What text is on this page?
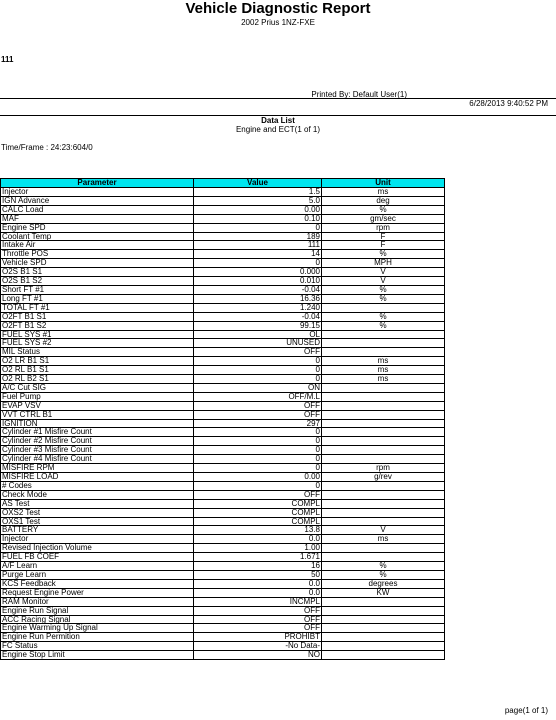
Vehicle Diagnostic Report
2002 Prius 1NZ-FXE
111
Printed By: Default User(1)
6/28/2013 9:40:52 PM
Data List
Engine and ECT(1 of 1)
Time/Frame : 24:23:604/0
Parameter	Value	Unit
Injector	1.5	ms
IGN Advance	5.0	deg
CALC Load	0.00	%
MAF	0.10	gm/sec
Engine SPD	0	rpm
Coolant Temp	189	F
Intake Air	111	F
Throttle POS	14	%
Vehicle SPD	0	MPH
O2S B1 S1	0.000	V
O2S B1 S2	0.010	V
Short FT #1	-0.04	%
Long FT #1	16.36	%
TOTAL FT #1	1.240	
O2FT B1 S1	-0.04	%
O2FT B1 S2	99.15	%
FUEL SYS #1	OL	
FUEL SYS #2	UNUSED	
MIL Status	OFF	
O2 LR B1 S1	0	ms
O2 RL B1 S1	0	ms
O2 RL B2 S1	0	ms
A/C Cut SIG	ON	
Fuel Pump	OFF/M.L	
EVAP VSV	OFF	
VVT CTRL B1	OFF	
IGNITION	297	
Cylinder #1 Misfire Count	0	
Cylinder #2 Misfire Count	0	
Cylinder #3 Misfire Count	0	
Cylinder #4 Misfire Count	0	
MISFIRE RPM	0	rpm
MISFIRE LOAD	0.00	g/rev
# Codes	0	
Check Mode	OFF	
AS Test	COMPL	
OXS2 Test	COMPL	
OXS1 Test	COMPL	
BATTERY	13.8	V
Injector	0.0	ms
Revised Injection Volume	1.00	
FUEL FB COEF	1.671	
A/F Learn	16	%
Purge Learn	50	%
KCS Feedback	0.0	degrees
Request Engine Power	0.0	KW
RAM Monitor	INCMPL	
Engine Run Signal	OFF	
ACC Racing Signal	OFF	
Engine Warming Up Signal	OFF	
Engine Run Permition	PROHIBT	
FC Status	-No Data-	
Engine Stop Limit	NO	
page(1 of 1)
